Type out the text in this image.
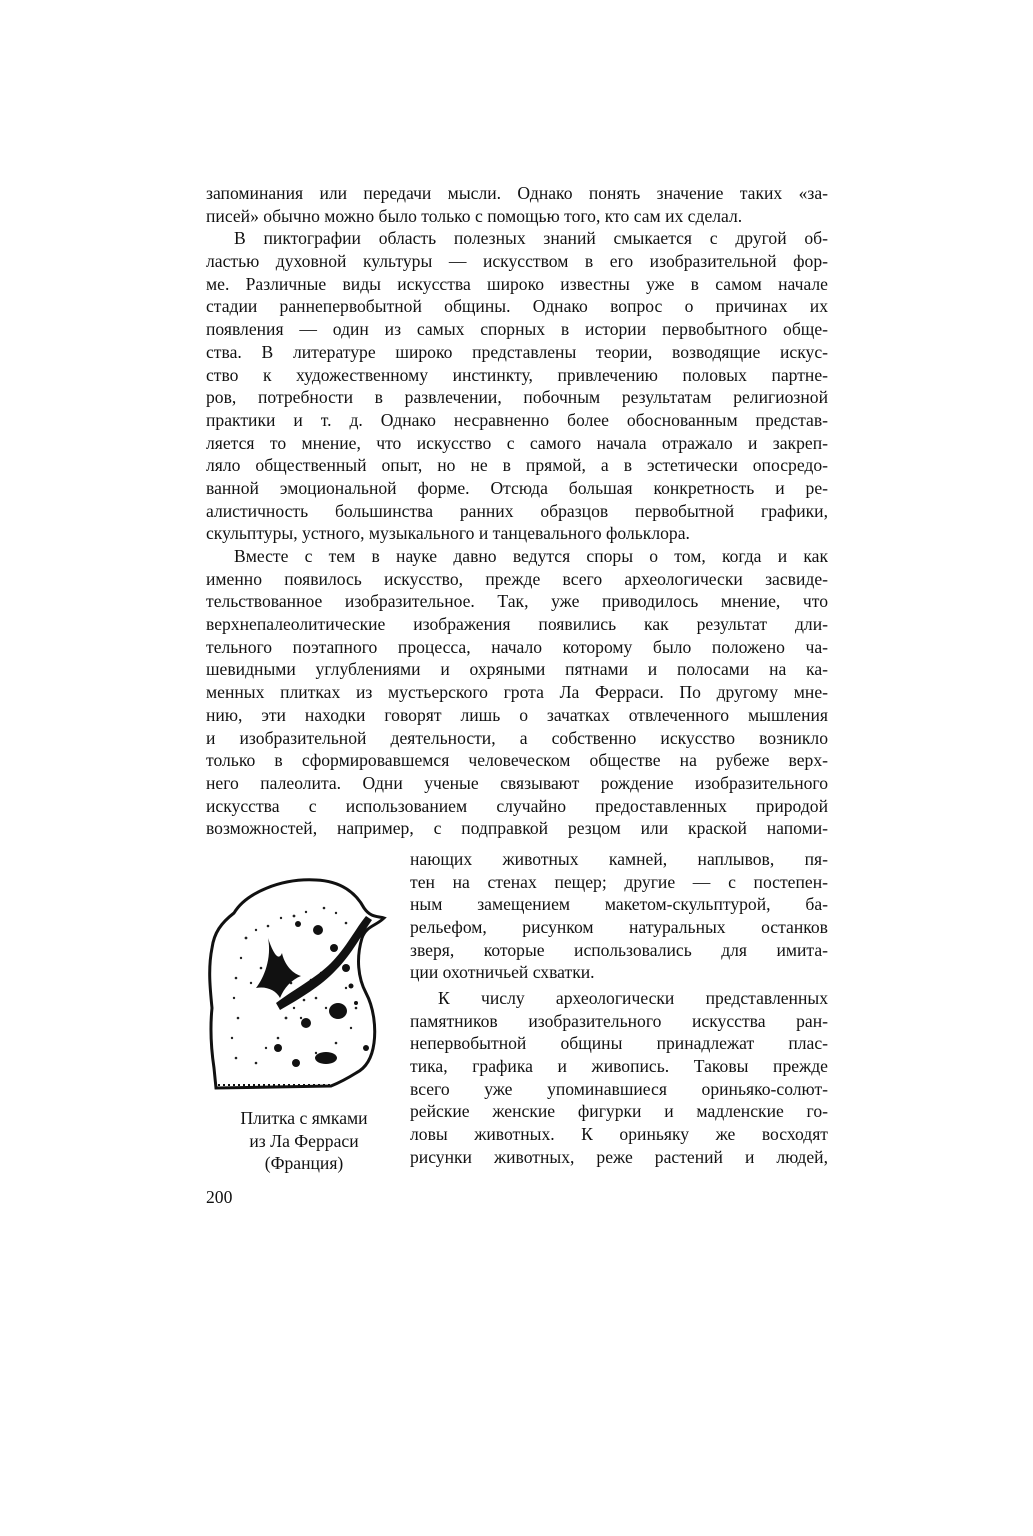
запоминания или передачи мысли. Однако понять значение таких «за-
писей» обычно можно было только с помощью того, кто сам их сделал.
В пиктографии область полезных знаний смыкается с другой об-
ластью духовной культуры — искусством в его изобразительной фор-
ме. Различные виды искусства широко известны уже в самом начале
стадии раннепервобытной общины. Однако вопрос о причинах их
появления — один из самых спорных в истории первобытного обще-
ства. В литературе широко представлены теории, возводящие искус-
ство к художественному инстинкту, привлечению половых партне-
ров, потребности в развлечении, побочным результатам религиозной
практики и т. д. Однако несравненно более обоснованным представ-
ляется то мнение, что искусство с самого начала отражало и закреп-
ляло общественный опыт, но не в прямой, а в эстетически опосредо-
ванной эмоциональной форме. Отсюда большая конкретность и ре-
алистичность большинства ранних образцов первобытной графики,
скульптуры, устного, музыкального и танцевального фольклора.
Вместе с тем в науке давно ведутся споры о том, когда и как
именно появилось искусство, прежде всего археологически засвиде-
тельствованное изобразительное. Так, уже приводилось мнение, что
верхнепалеолитические изображения появились как результат дли-
тельного поэтапного процесса, начало которому было положено ча-
шевидными углублениями и охряными пятнами и полосами на ка-
менных плитках из мустьерского грота Ла Ферраси. По другому мне-
нию, эти находки говорят лишь о зачатках отвлеченного мышления
и изобразительной деятельности, а собственно искусство возникло
только в сформировавшемся человеческом обществе на рубеже верх-
него палеолита. Одни ученые связывают рождение изобразительного
искусства с использованием случайно предоставленных природой
возможностей, например, с подправкой резцом или краской напоми-
нающих животных камней, наплывов, пя-
тен на стенах пещер; другие — с постепен-
ным замещением макетом-скульптурой, ба-
рельефом, рисунком натуральных останков
зверя, которые использовались для имита-
ции охотничьей схватки.
К числу археологически представленных
памятников изобразительного искусства ран-
непервобытной общины принадлежат плас-
тика, графика и живопись. Таковы прежде
всего уже упоминавшиеся ориньяко-солют-
рейские женские фигурки и мадленские го-
ловы животных. К ориньяку же восходят
рисунки животных, реже растений и людей,
Плитка с ямками
из Ла Ферраси
(Франция)
200
